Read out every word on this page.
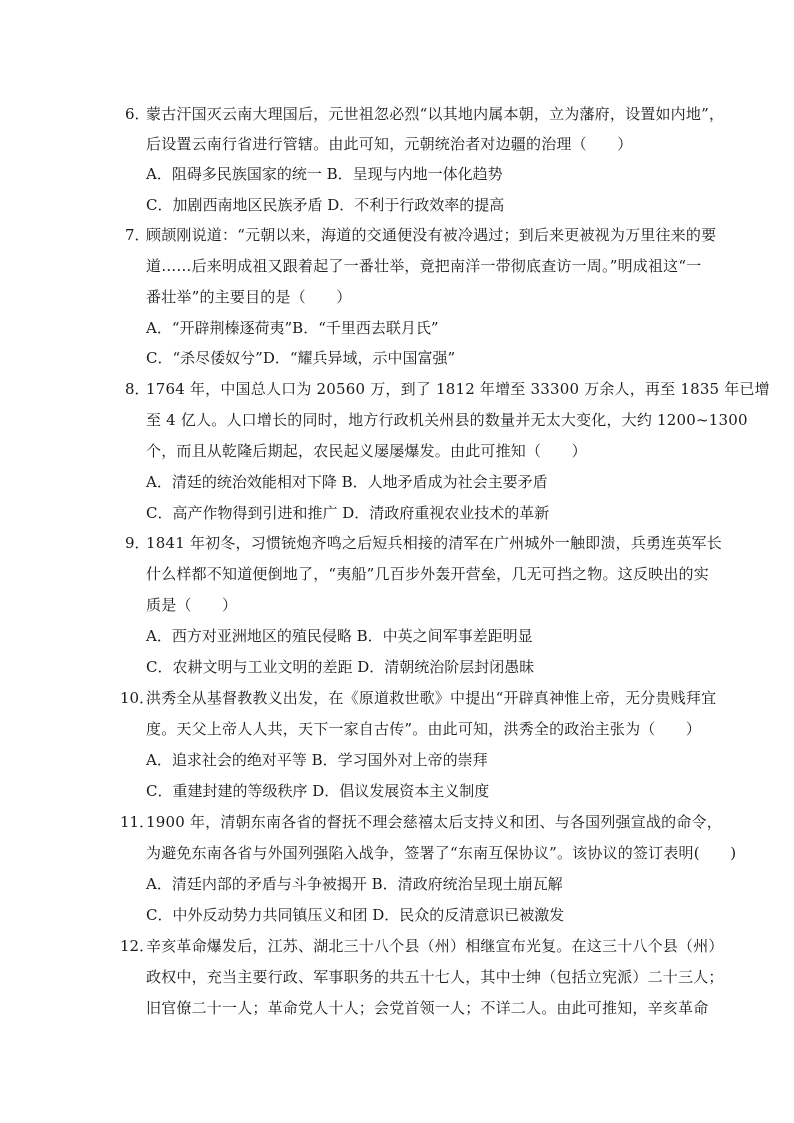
6．
蒙古汗国灭云南大理国后，元世祖忽必烈“以其地内属本朝，立为藩府，设置如内地”，
后设置云南行省进行管辖。由此可知，元朝统治者对边疆的治理（　　）
A．阻碍多民族国家的统一 B．呈现与内地一体化趋势
C．加剧西南地区民族矛盾 D．不利于行政效率的提高
7．
顾颉刚说道：“元朝以来，海道的交通便没有被冷遇过；到后来更被视为万里往来的要
道……后来明成祖又跟着起了一番壮举，竟把南洋一带彻底查访一周。”明成祖这“一
番壮举”的主要目的是（　　）
A．“开辟荆榛逐荷夷”B．“千里西去联月氏”
C．“杀尽倭奴兮”D．“耀兵异域，示中国富强”
8．
1764 年，中国总人口为 20560 万，到了 1812 年增至 33300 万余人，再至 1835 年已增
至 4 亿人。人口增长的同时，地方行政机关州县的数量并无太大变化，大约 1200~1300
个，而且从乾隆后期起，农民起义屡屡爆发。由此可推知（　　）
A．清廷的统治效能相对下降 B．人地矛盾成为社会主要矛盾
C．高产作物得到引进和推广 D．清政府重视农业技术的革新
9．
1841 年初冬，习惯铳炮齐鸣之后短兵相接的清军在广州城外一触即溃，兵勇连英军长
什么样都不知道便倒地了，“夷船”几百步外轰开营垒，几无可挡之物。这反映出的实
质是（　　）
A．西方对亚洲地区的殖民侵略 B．中英之间军事差距明显
C．农耕文明与工业文明的差距 D．清朝统治阶层封闭愚昧
10．
洪秀全从基督教教义出发，在《原道救世歌》中提出“开辟真神惟上帝，无分贵贱拜宜
度。天父上帝人人共，天下一家自古传”。由此可知，洪秀全的政治主张为（　　）
A．追求社会的绝对平等 B．学习国外对上帝的崇拜
C．重建封建的等级秩序 D．倡议发展资本主义制度
11．
1900 年，清朝东南各省的督抚不理会慈禧太后支持义和团、与各国列强宣战的命令，
为避免东南各省与外国列强陷入战争，签署了“东南互保协议”。该协议的签订表明(　　)
A．清廷内部的矛盾与斗争被揭开 B．清政府统治呈现土崩瓦解
C．中外反动势力共同镇压义和团 D．民众的反清意识已被激发
12．
辛亥革命爆发后，江苏、湖北三十八个县（州）相继宣布光复。在这三十八个县（州）
政权中，充当主要行政、军事职务的共五十七人，其中士绅（包括立宪派）二十三人；
旧官僚二十一人；革命党人十人；会党首领一人；不详二人。由此可推知，辛亥革命
